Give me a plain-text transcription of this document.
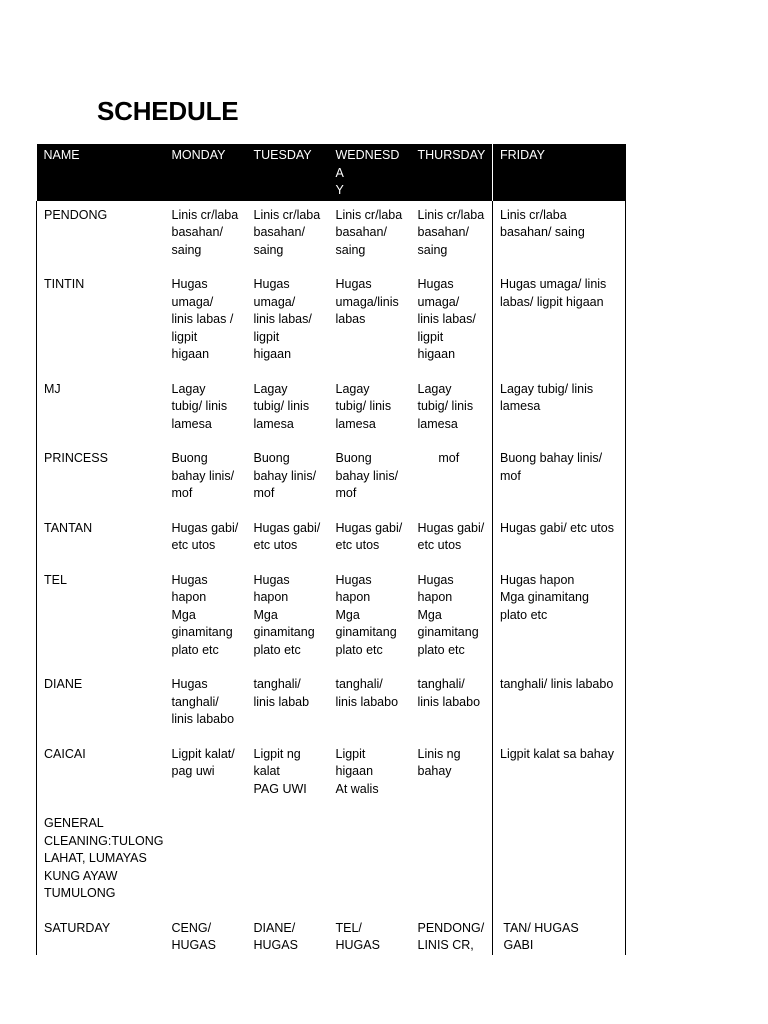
SCHEDULE
NAME	MONDAY	TUESDAY	WEDNESDA
Y	THURSDAY	FRIDAY
PENDONG	Linis cr/laba
basahan/
saing	Linis cr/laba
basahan/
saing	Linis cr/laba
basahan/
saing	Linis cr/laba
basahan/
saing	Linis cr/laba
basahan/ saing
TINTIN	Hugas
umaga/
linis labas /
ligpit
higaan	Hugas
umaga/
linis labas/
ligpit
higaan	Hugas
umaga/linis
labas	Hugas
umaga/
linis labas/
ligpit
higaan	Hugas umaga/ linis
labas/ ligpit higaan
MJ	Lagay
tubig/ linis
lamesa	Lagay
tubig/ linis
lamesa	Lagay
tubig/ linis
lamesa	Lagay
tubig/ linis
lamesa	Lagay tubig/ linis
lamesa
PRINCESS	Buong
bahay linis/
mof	Buong
bahay linis/
mof	Buong
bahay linis/
mof	mof	Buong bahay linis/
mof
TANTAN	Hugas gabi/
etc utos	Hugas gabi/
etc utos	Hugas gabi/
etc utos	Hugas gabi/
etc utos	Hugas gabi/ etc utos
TEL	Hugas
hapon
Mga
ginamitang
plato etc	Hugas
hapon
Mga
ginamitang
plato etc	Hugas
hapon
Mga
ginamitang
plato etc	Hugas
hapon
Mga
ginamitang
plato etc	Hugas hapon
Mga ginamitang
plato etc
DIANE	Hugas
tanghali/
linis lababo	tanghali/
linis labab	tanghali/
linis lababo	tanghali/
linis lababo	tanghali/ linis lababo
CAICAI	Ligpit kalat/
pag uwi	Ligpit ng
kalat
PAG UWI	Ligpit
higaan
At walis	Linis ng
bahay	Ligpit kalat sa bahay
GENERAL
CLEANING:TULONG
LAHAT, LUMAYAS
KUNG AYAW
TUMULONG					
SATURDAY	CENG/
HUGAS	DIANE/
HUGAS	TEL/
HUGAS	PENDONG/
LINIS CR,	TAN/ HUGAS
GABI
